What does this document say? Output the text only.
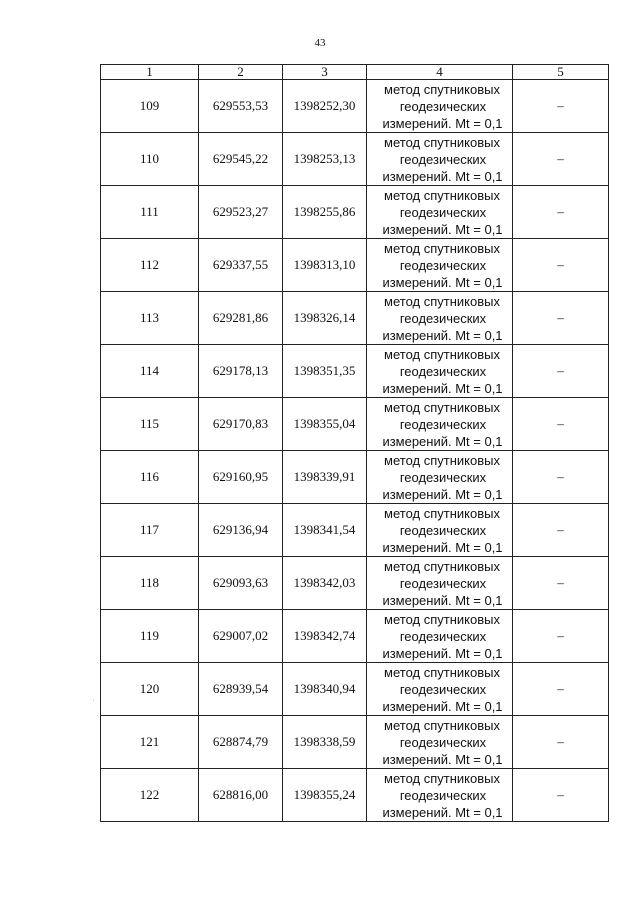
43
1	2	3	4	5
109	629553,53	1398252,30	метод спутниковых
геодезических
измерений. Mt = 0,1	–
110	629545,22	1398253,13	метод спутниковых
геодезических
измерений. Mt = 0,1	–
111	629523,27	1398255,86	метод спутниковых
геодезических
измерений. Mt = 0,1	–
112	629337,55	1398313,10	метод спутниковых
геодезических
измерений. Mt = 0,1	–
113	629281,86	1398326,14	метод спутниковых
геодезических
измерений. Mt = 0,1	–
114	629178,13	1398351,35	метод спутниковых
геодезических
измерений. Mt = 0,1	–
115	629170,83	1398355,04	метод спутниковых
геодезических
измерений. Mt = 0,1	–
116	629160,95	1398339,91	метод спутниковых
геодезических
измерений. Mt = 0,1	–
117	629136,94	1398341,54	метод спутниковых
геодезических
измерений. Mt = 0,1	–
118	629093,63	1398342,03	метод спутниковых
геодезических
измерений. Mt = 0,1	–
119	629007,02	1398342,74	метод спутниковых
геодезических
измерений. Mt = 0,1	–
120	628939,54	1398340,94	метод спутниковых
геодезических
измерений. Mt = 0,1	–
121	628874,79	1398338,59	метод спутниковых
геодезических
измерений. Mt = 0,1	–
122	628816,00	1398355,24	метод спутниковых
геодезических
измерений. Mt = 0,1	–
